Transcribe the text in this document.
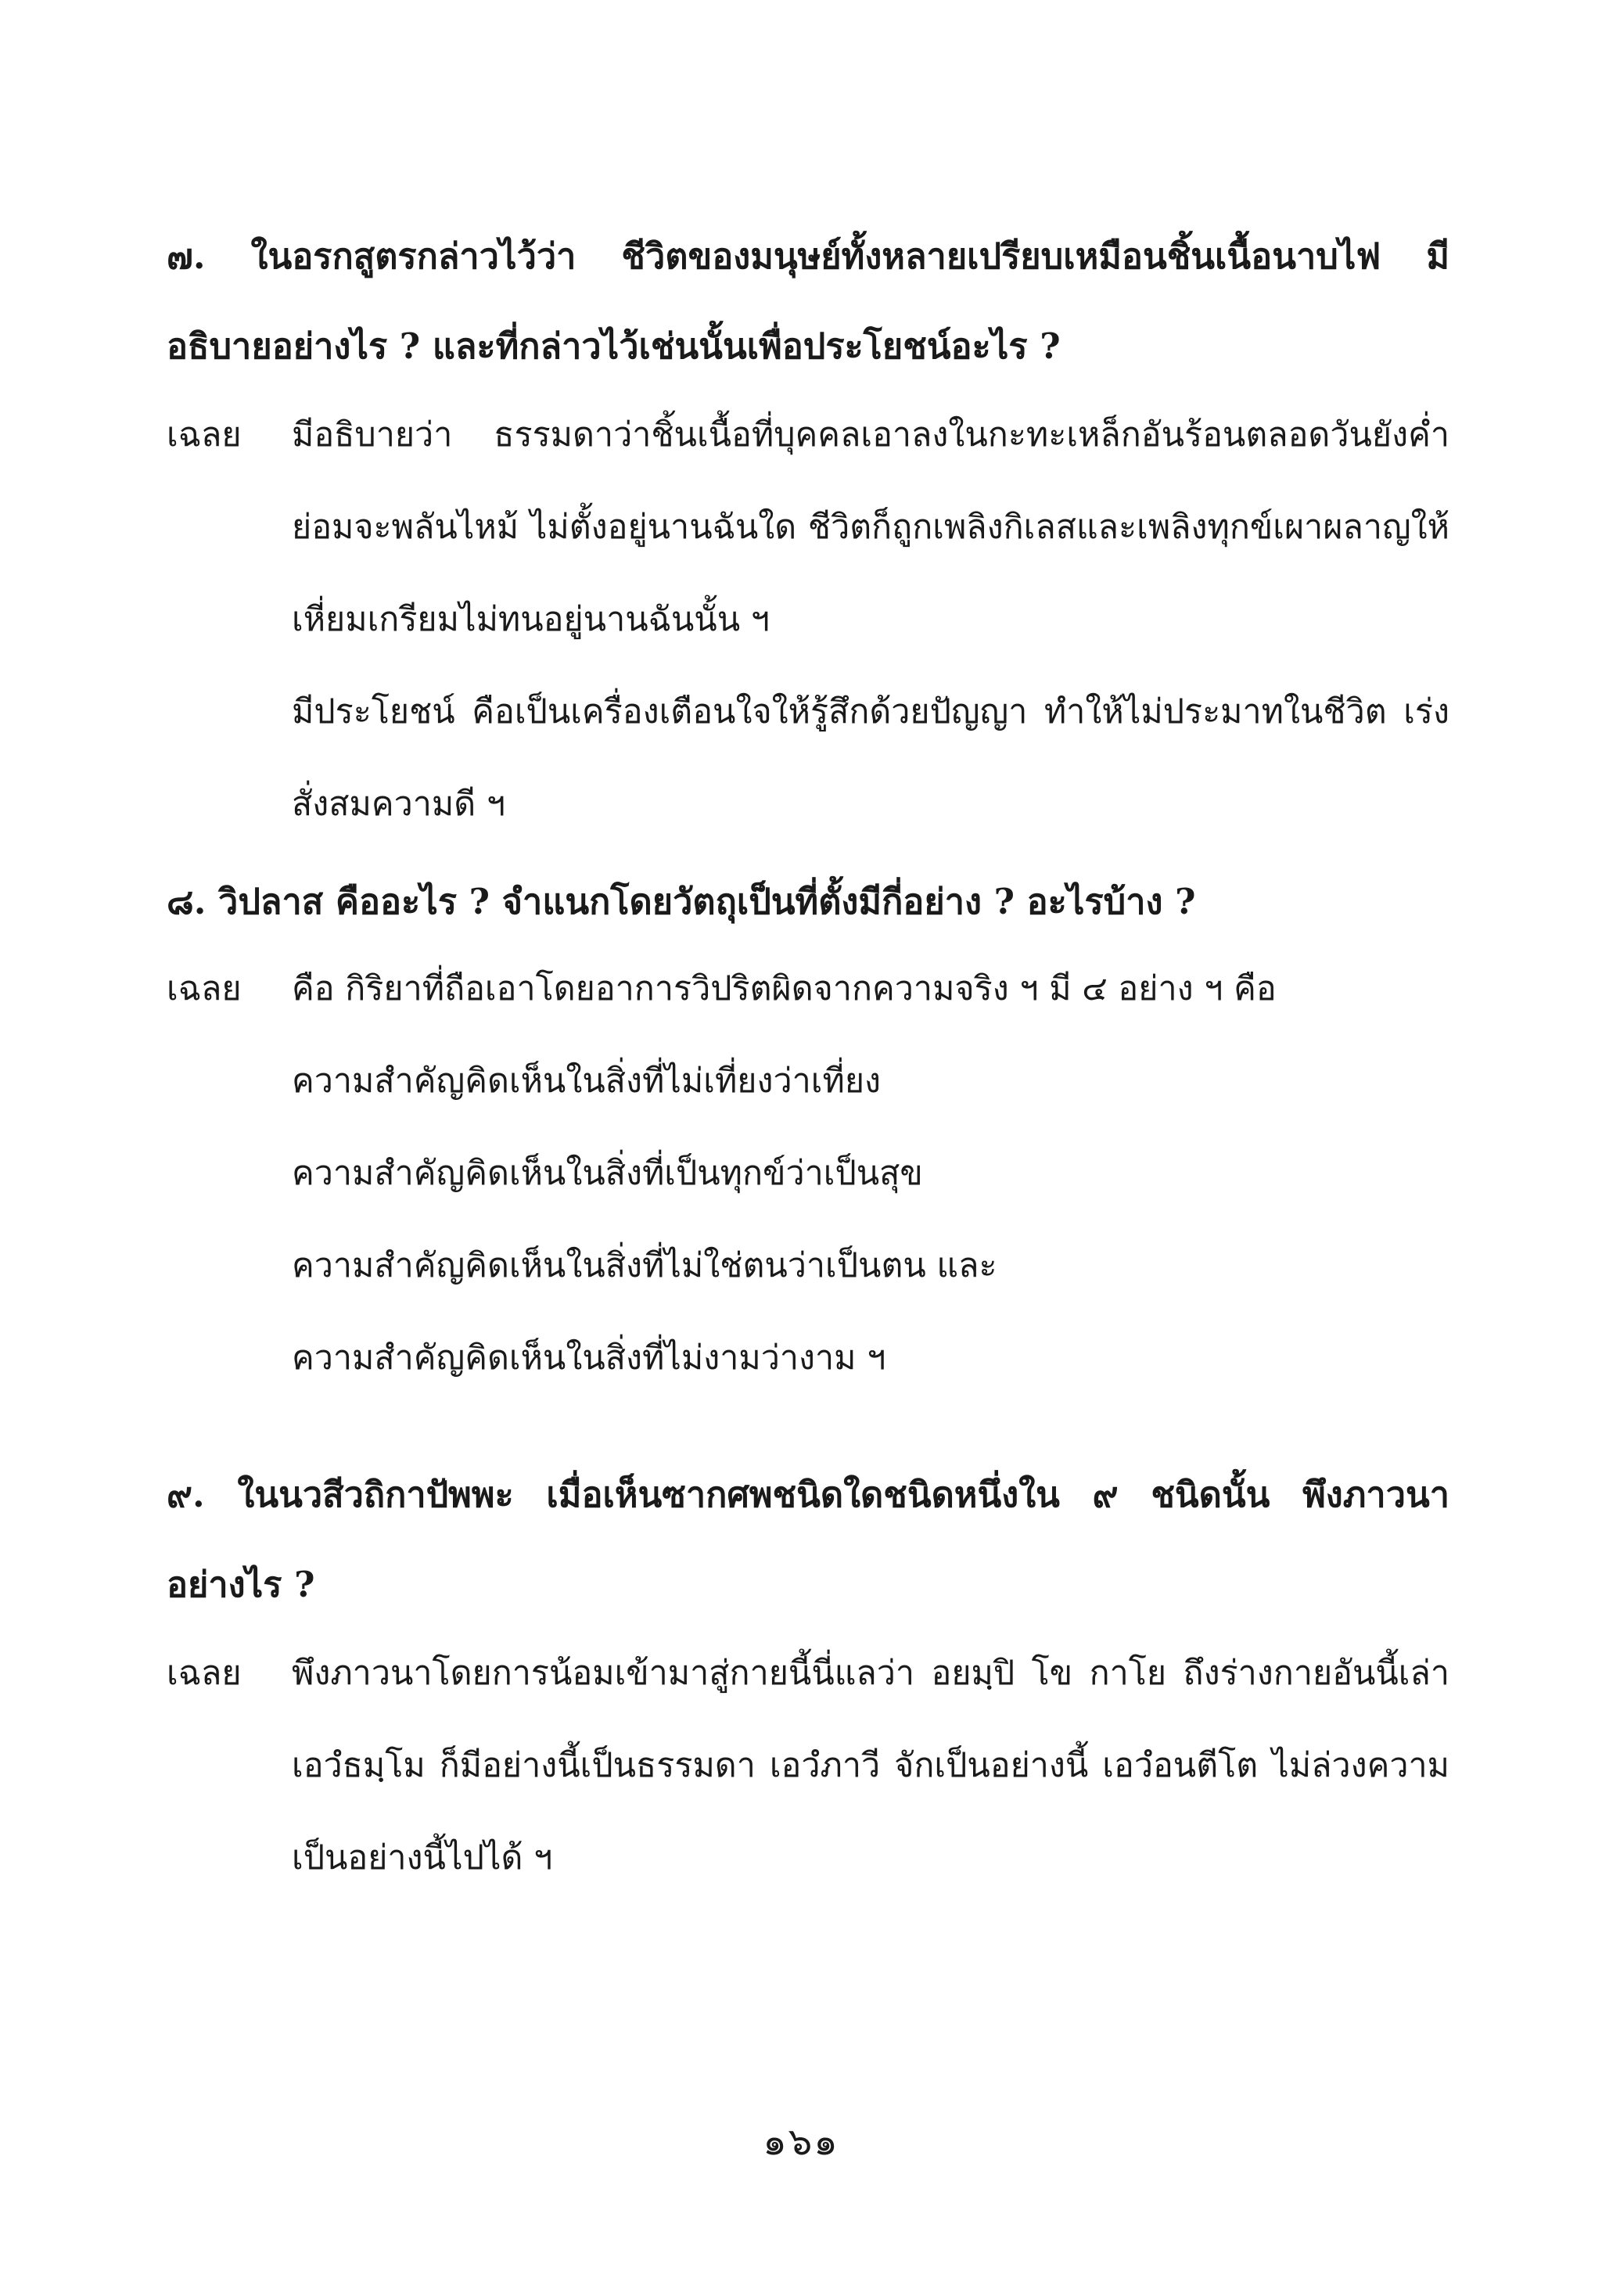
๗. ในอรกสูตรกล่าวไว้ว่า ชีวิตของมนุษย์ทั้งหลายเปรียบเหมือนชิ้นเนื้อนาบไฟ มีอธิบายอย่างไร ? และที่กล่าวไว้เช่นนั้นเพื่อประโยชน์อะไร ?
เฉลย มีอธิบายว่า ธรรมดาว่าชิ้นเนื้อที่บุคคลเอาลงในกะทะเหล็กอันร้อนตลอดวันยังค่ำ ย่อมจะพลันไหม้ ไม่ตั้งอยู่นานฉันใด ชีวิตก็ถูกเพลิงกิเลสและเพลิงทุกข์เผาผลาญให้เหี่ยมเกรียมไม่ทนอยู่นานฉันนั้น ฯ

มีประโยชน์ คือเป็นเครื่องเตือนใจให้รู้สึกด้วยปัญญา ทำให้ไม่ประมาทในชีวิต เร่งสั่งสมความดี ฯ

๘. วิปลาส คืออะไร ? จำแนกโดยวัตถุเป็นที่ตั้งมีกี่อย่าง ? อะไรบ้าง ?
เฉลย คือ กิริยาที่ถือเอาโดยอาการวิปริตผิดจากความจริง ฯ มี ๔ อย่าง ฯ คือ

ความสำคัญคิดเห็นในสิ่งที่ไม่เที่ยงว่าเที่ยง

ความสำคัญคิดเห็นในสิ่งที่เป็นทุกข์ว่าเป็นสุข

ความสำคัญคิดเห็นในสิ่งที่ไม่ใช่ตนว่าเป็นตน และ

ความสำคัญคิดเห็นในสิ่งที่ไม่งามว่างาม ฯ

๙. ในนวสีวถิกาปัพพะ เมื่อเห็นซากศพชนิดใดชนิดหนึ่งใน ๙ ชนิดนั้น พึงภาวนาอย่างไร ?
เฉลย พึงภาวนาโดยการน้อมเข้ามาสู่กายนี้นี่แลว่า อยมฺปิ โข กาโย ถึงร่างกายอันนี้เล่า เอวํธมฺโม ก็มีอย่างนี้เป็นธรรมดา เอวํภาวี จักเป็นอย่างนี้ เอวํอนตีโต ไม่ล่วงความเป็นอย่างนี้ไปได้ ฯ

๑๖๑
